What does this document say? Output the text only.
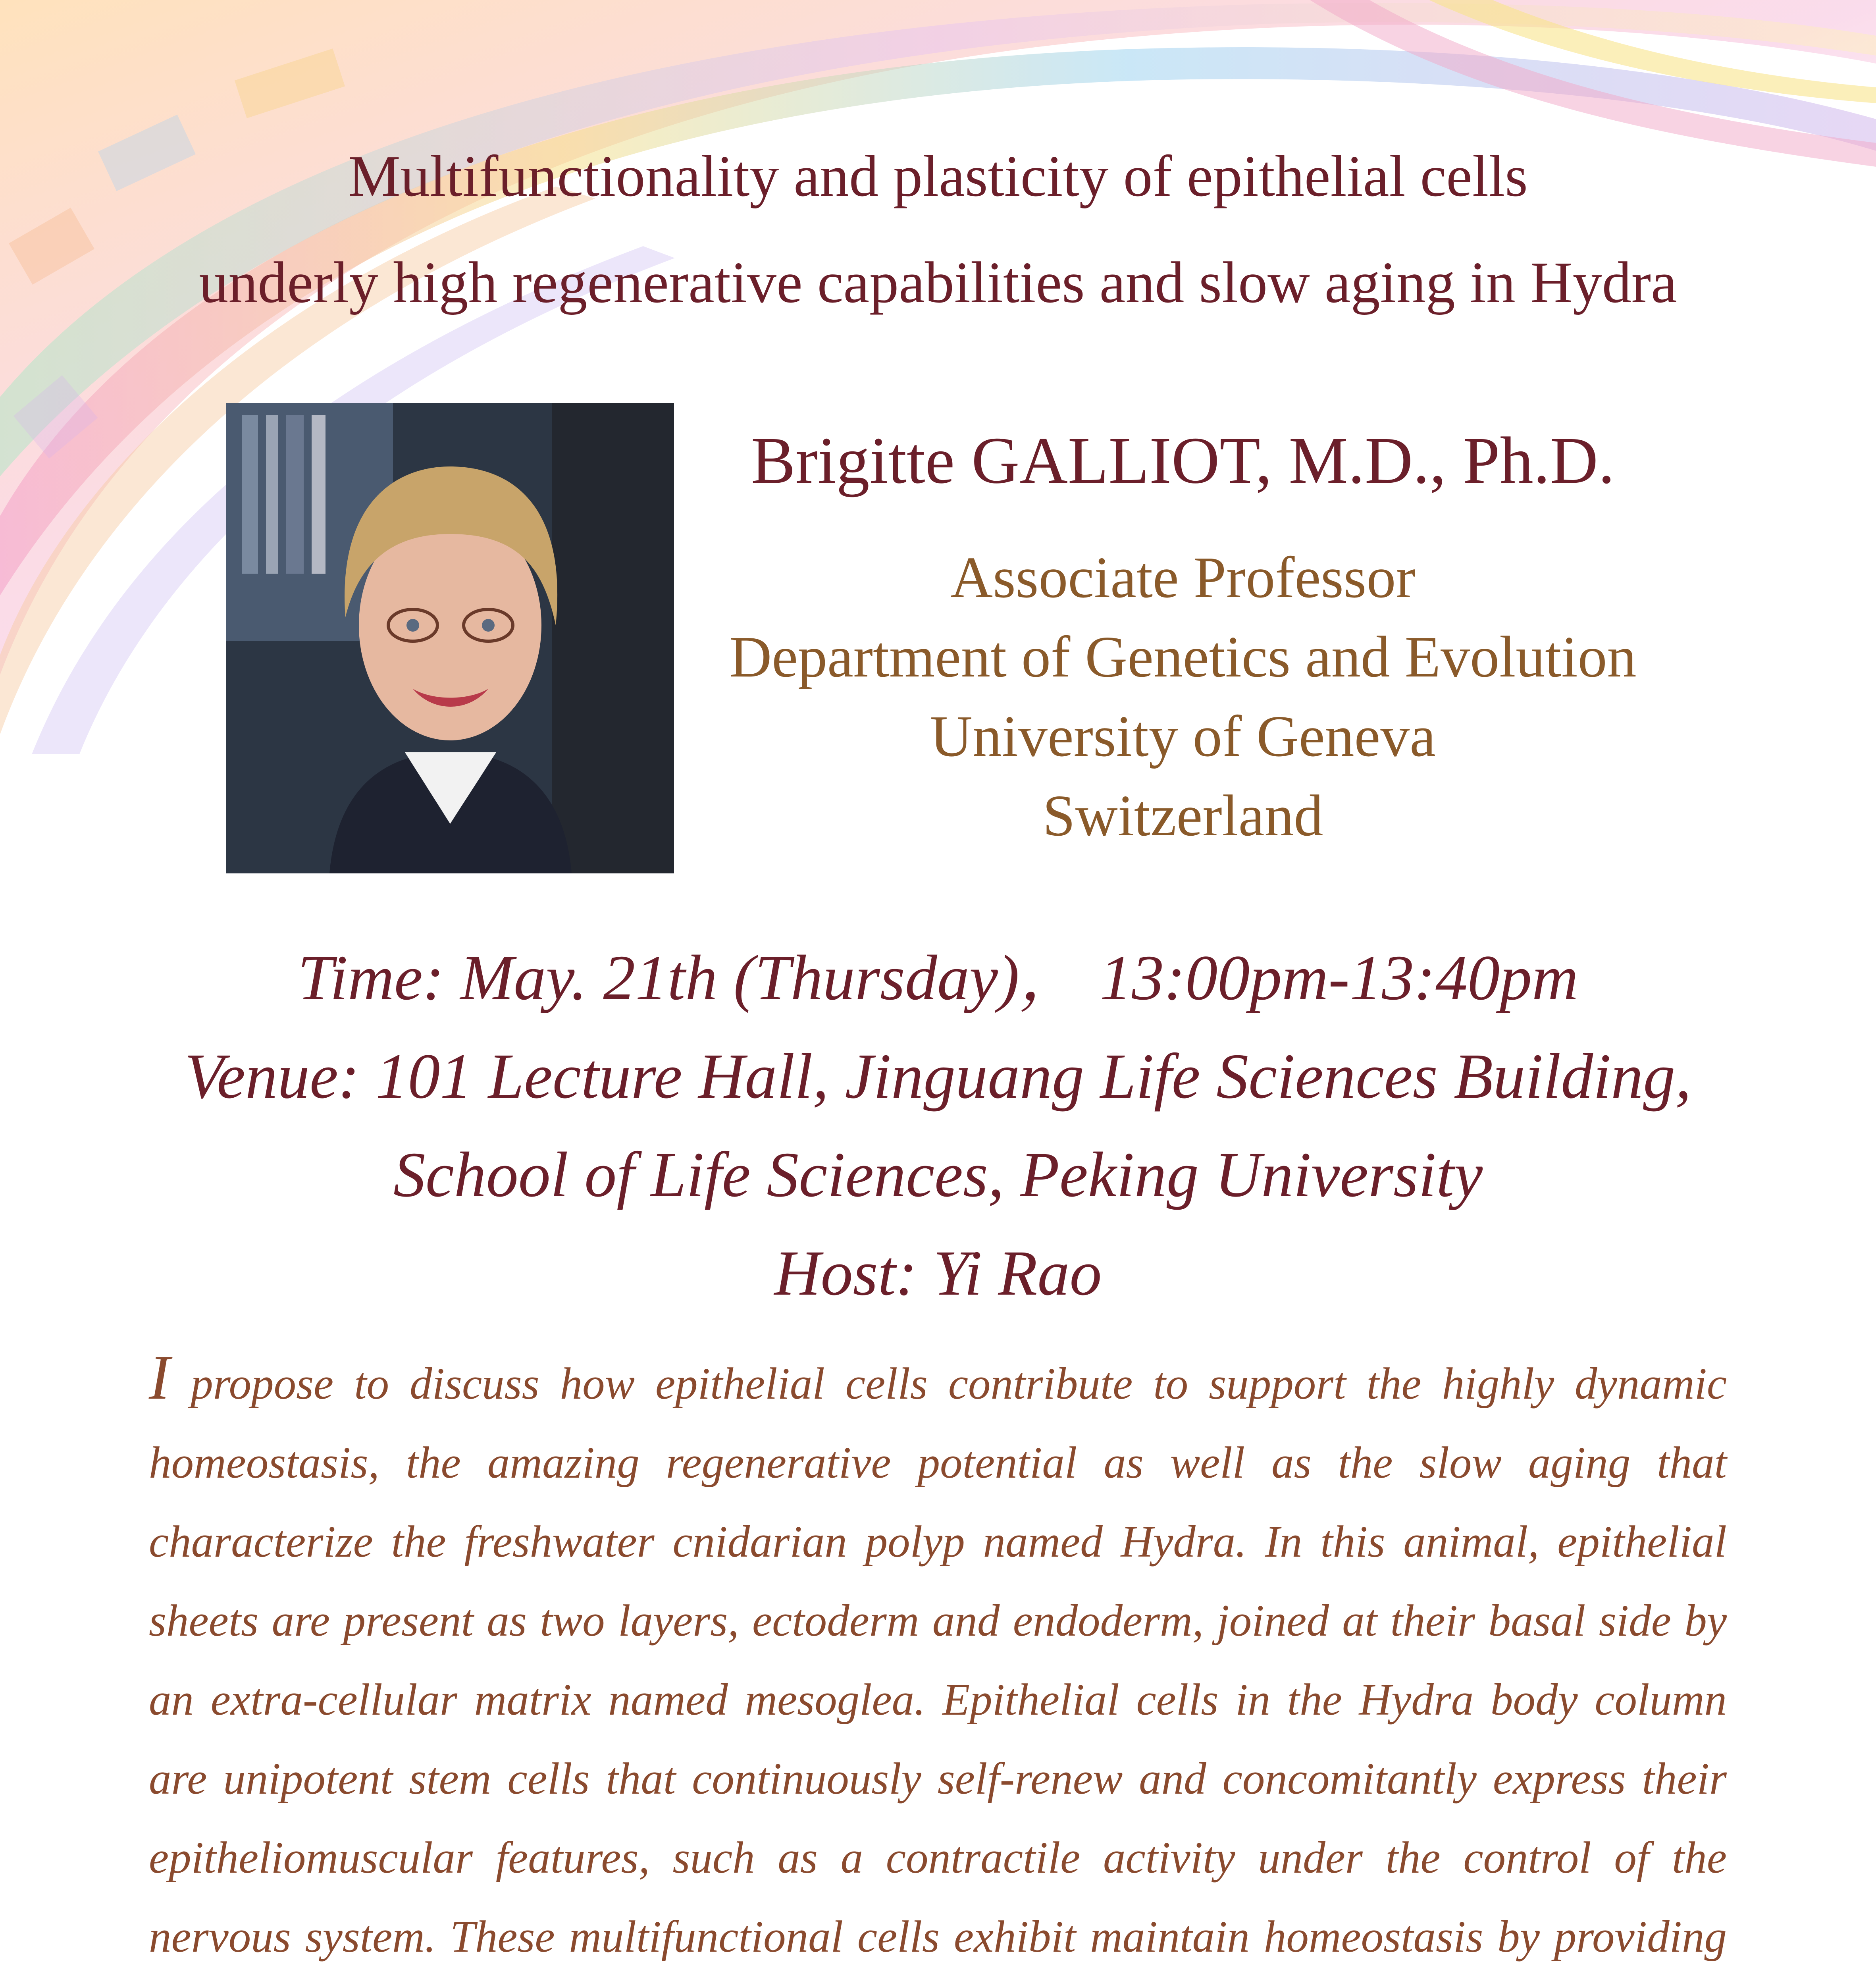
Multifunctionality and plasticity of epithelial cells
underly high regenerative capabilities and slow aging in Hydra
Brigitte GALLIOT, M.D., Ph.D.
Associate Professor
Department of Genetics and Evolution
University of Geneva
Switzerland
Time: May. 21th (Thursday)， 13:00pm-13:40pm
Venue: 101 Lecture Hall, Jinguang Life Sciences Building,
School of Life Sciences, Peking University
Host: Yi Rao
I propose to discuss how epithelial cells contribute to support the highly dynamic homeostasis, the amazing regenerative potential as well as the slow aging that characterize the freshwater cnidarian polyp named Hydra. In this animal, epithelial sheets are present as two layers, ectoderm and endoderm, joined at their basal side by an extra-cellular matrix named mesoglea. Epithelial cells in the Hydra body column are unipotent stem cells that continuously self-renew and concomitantly express their epitheliomuscular features, such as a contractile activity under the control of the nervous system. These multifunctional cells exhibit maintain homeostasis by providing
